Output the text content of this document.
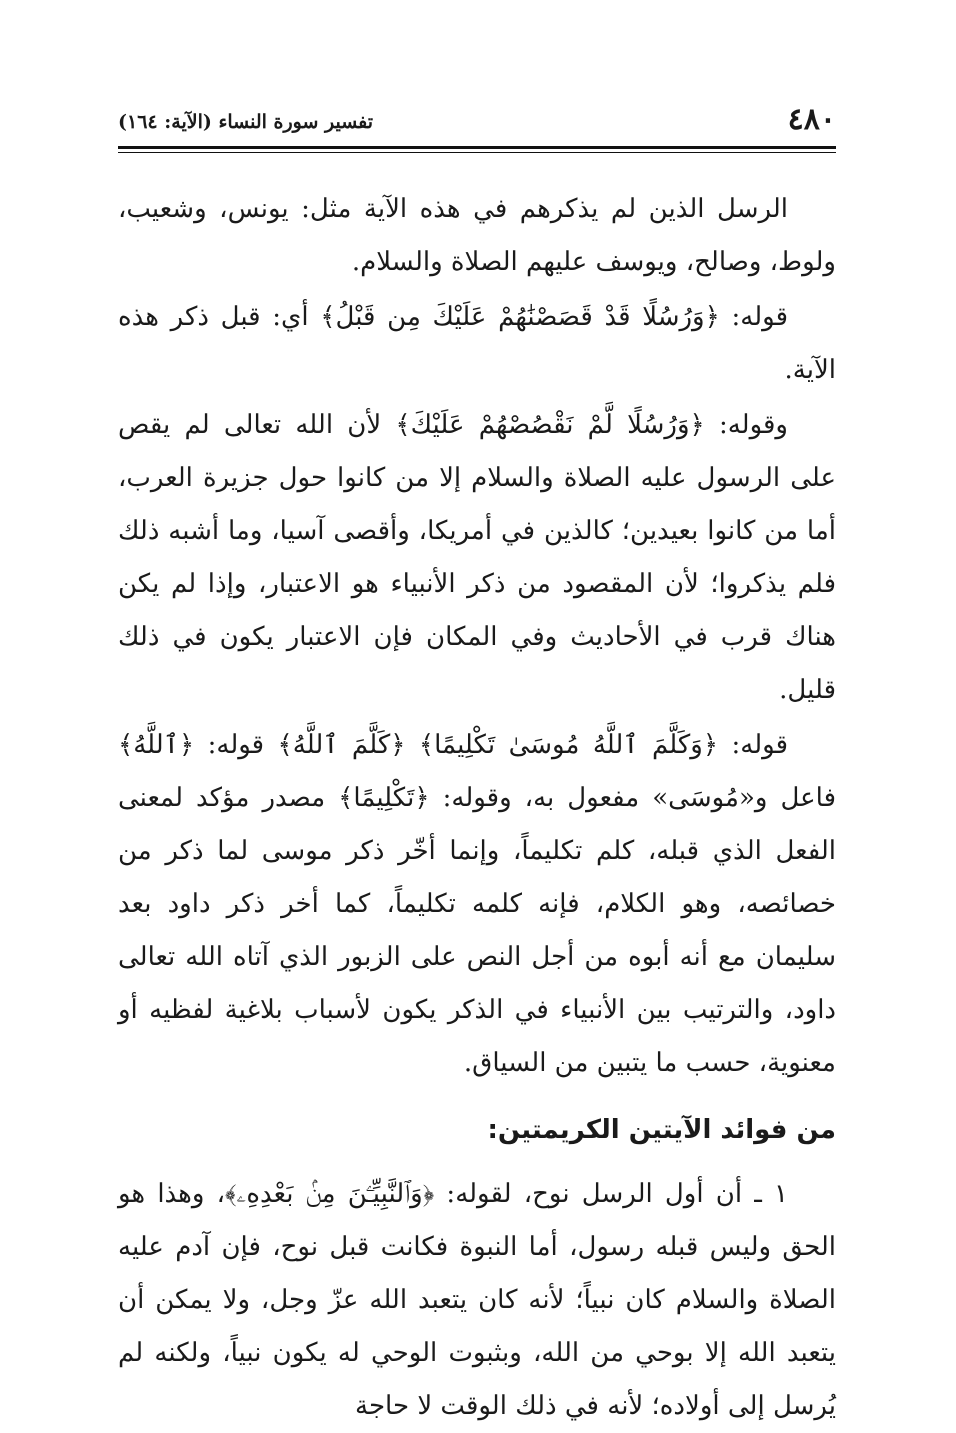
٤٨٠
تفسير سورة النساء (الآية: ١٦٤)

الرسل الذين لم يذكرهم في هذه الآية مثل: يونس، وشعيب، ولوط، وصالح، ويوسف عليهم الصلاة والسلام.

قوله: ﴿وَرُسُلًا قَدْ قَصَصْنَٰهُمْ عَلَيْكَ مِن قَبْلُ﴾ أي: قبل ذكر هذه الآية.

وقوله: ﴿وَرُسُلًا لَّمْ نَقْصُصْهُمْ عَلَيْكَ﴾ لأن الله تعالى لم يقص على الرسول عليه الصلاة والسلام إلا من كانوا حول جزيرة العرب، أما من كانوا بعيدين؛ كالذين في أمريكا، وأقصى آسيا، وما أشبه ذلك فلم يذكروا؛ لأن المقصود من ذكر الأنبياء هو الاعتبار، وإذا لم يكن هناك قرب في الأحاديث وفي المكان فإن الاعتبار يكون في ذلك قليل.

قوله: ﴿وَكَلَّمَ ٱللَّهُ مُوسَىٰ تَكْلِيمًا﴾ ﴿كَلَّمَ ٱللَّهُ﴾ قوله: ﴿ٱللَّهُ﴾ فاعل و«مُوسَى» مفعول به، وقوله: ﴿تَكْلِيمًا﴾ مصدر مؤكد لمعنى الفعل الذي قبله، كلم تكليماً، وإنما أخّر ذكر موسى لما ذكر من خصائصه، وهو الكلام، فإنه كلمه تكليماً، كما أخر ذكر داود بعد سليمان مع أنه أبوه من أجل النص على الزبور الذي آتاه الله تعالى داود، والترتيب بين الأنبياء في الذكر يكون لأسباب بلاغية لفظيه أو معنوية، حسب ما يتبين من السياق.

من فوائد الآيتين الكريمتين:

١ ـ أن أول الرسل نوح، لقوله: ﴿وَٱلنَّبِيِّـۧنَ مِنۢ بَعْدِهِۦ﴾، وهذا هو الحق وليس قبله رسول، أما النبوة فكانت قبل نوح، فإن آدم عليه الصلاة والسلام كان نبياً؛ لأنه كان يتعبد الله عزّ وجل، ولا يمكن أن يتعبد الله إلا بوحي من الله، وبثبوت الوحي له يكون نبياً، ولكنه لم يُرسل إلى أولاده؛ لأنه في ذلك الوقت لا حاجة
